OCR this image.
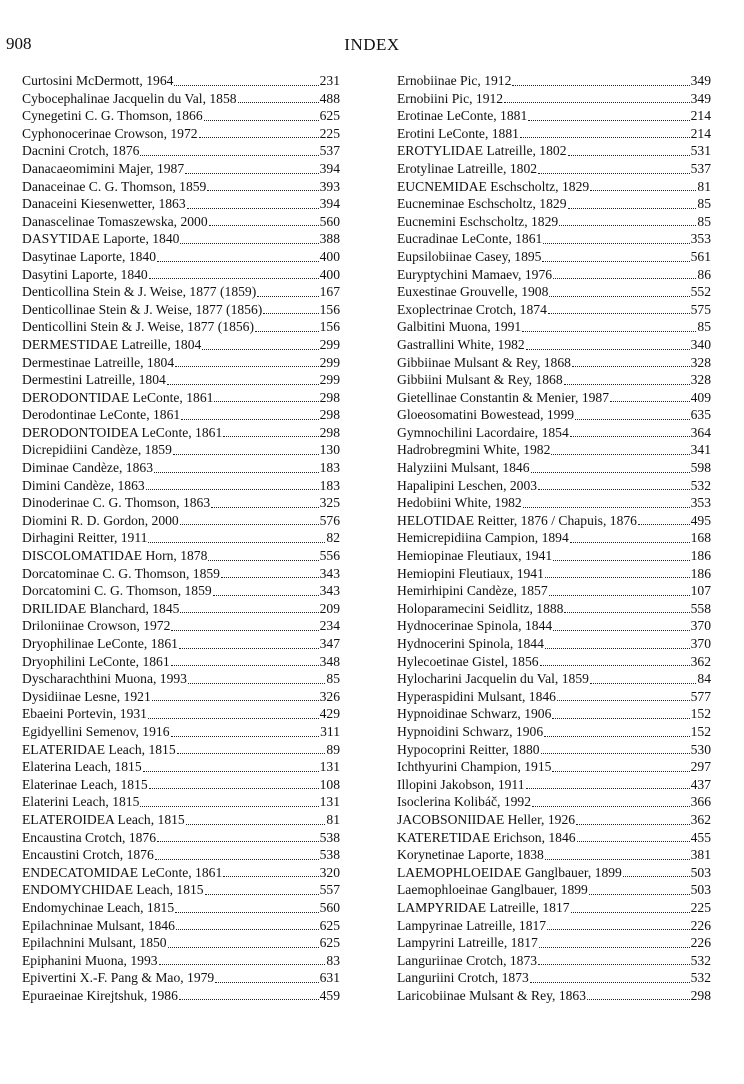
908	INDEX
Curtosini McDermott, 1964	231
Cybocephalinae Jacquelin du Val, 1858	488
Cynegetini C. G. Thomson, 1866	625
Cyphonocerinae Crowson, 1972	225
Dacnini Crotch, 1876	537
Danacaeomimini Majer, 1987	394
Danaceinae C. G. Thomson, 1859	393
Danaceini Kiesenwetter, 1863	394
Danascelinae Tomaszewska, 2000	560
DASYTIDAE Laporte, 1840	388
Dasytinae Laporte, 1840	400
Dasytini Laporte, 1840	400
Denticollina Stein & J. Weise, 1877 (1859)	167
Denticollinae Stein & J. Weise, 1877 (1856)	156
Denticollini Stein & J. Weise, 1877 (1856)	156
DERMESTIDAE Latreille, 1804	299
Dermestinae Latreille, 1804	299
Dermestini Latreille, 1804	299
DERODONTIDAE LeConte, 1861	298
Derodontinae LeConte, 1861	298
DERODONTOIDEA LeConte, 1861	298
Dicrepidiini Candèze, 1859	130
Diminae Candèze, 1863	183
Dimini Candèze, 1863	183
Dinoderinae C. G. Thomson, 1863	325
Diomini R. D. Gordon, 2000	576
Dirhagini Reitter, 1911	82
DISCOLOMATIDAE Horn, 1878	556
Dorcatominae C. G. Thomson, 1859	343
Dorcatomini C. G. Thomson, 1859	343
DRILIDAE Blanchard, 1845	209
Driloniinae Crowson, 1972	234
Dryophilinae LeConte, 1861	347
Dryophilini LeConte, 1861	348
Dyscharachthini Muona, 1993	85
Dysidiinae Lesne, 1921	326
Ebaeini Portevin, 1931	429
Egidyellini Semenov, 1916	311
ELATERIDAE Leach, 1815	89
Elaterina Leach, 1815	131
Elaterinae Leach, 1815	108
Elaterini Leach, 1815	131
ELATEROIDEA Leach, 1815	81
Encaustina Crotch, 1876	538
Encaustini Crotch, 1876	538
ENDECATOMIDAE LeConte, 1861	320
ENDOMYCHIDAE Leach, 1815	557
Endomychinae Leach, 1815	560
Epilachninae Mulsant, 1846	625
Epilachnini Mulsant, 1850	625
Epiphanini Muona, 1993	83
Epivertini X.-F. Pang & Mao, 1979	631
Epuraeinae Kirejtshuk, 1986	459
Ernobiinae Pic, 1912	349
Ernobiini Pic, 1912	349
Erotinae LeConte, 1881	214
Erotini LeConte, 1881	214
EROTYLIDAE Latreille, 1802	531
Erotylinae Latreille, 1802	537
EUCNEMIDAE Eschscholtz, 1829	81
Eucneminae Eschscholtz, 1829	85
Eucnemini Eschscholtz, 1829	85
Eucradinae LeConte, 1861	353
Eupsilobiinae Casey, 1895	561
Euryptychini Mamaev, 1976	86
Euxestinae Grouvelle, 1908	552
Exoplectrinae Crotch, 1874	575
Galbitini Muona, 1991	85
Gastrallini White, 1982	340
Gibbiinae Mulsant & Rey, 1868	328
Gibbiini Mulsant & Rey, 1868	328
Gietellinae Constantin & Menier, 1987	409
Gloeosomatini Bowestead, 1999	635
Gymnochilini Lacordaire, 1854	364
Hadrobregmini White, 1982	341
Halyziini Mulsant, 1846	598
Hapalipini Leschen, 2003	532
Hedobiini White, 1982	353
HELOTIDAE Reitter, 1876 / Chapuis, 1876	495
Hemicrepidiina Campion, 1894	168
Hemiopinae Fleutiaux, 1941	186
Hemiopini Fleutiaux, 1941	186
Hemirhipini Candèze, 1857	107
Holoparamecini Seidlitz, 1888	558
Hydnocerinae Spinola, 1844	370
Hydnocerini Spinola, 1844	370
Hylecoetinae Gistel, 1856	362
Hylocharini Jacquelin du Val, 1859	84
Hyperaspidini Mulsant, 1846	577
Hypnoidinae Schwarz, 1906	152
Hypnoidini Schwarz, 1906	152
Hypocoprini Reitter, 1880	530
Ichthyurini Champion, 1915	297
Illopini Jakobson, 1911	437
Isoclerina Kolibáč, 1992	366
JACOBSONIIDAE Heller, 1926	362
KATERETIDAE Erichson, 1846	455
Korynetinae Laporte, 1838	381
LAEMOPHLOEIDAE Ganglbauer, 1899	503
Laemophloeinae Ganglbauer, 1899	503
LAMPYRIDAE Latreille, 1817	225
Lampyrinae Latreille, 1817	226
Lampyrini Latreille, 1817	226
Languriinae Crotch, 1873	532
Languriini Crotch, 1873	532
Laricobiinae Mulsant & Rey, 1863	298
